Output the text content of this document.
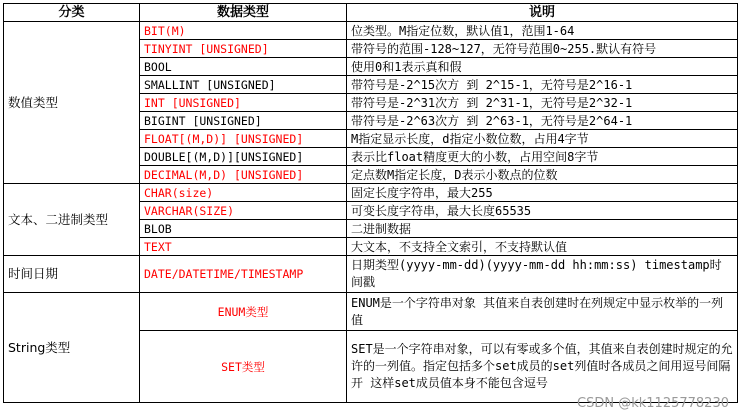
分类	数据类型	说明
数值类型	BIT(M)	位类型。M指定位数，默认值1，范围1-64
	TINYINT [UNSIGNED]	带符号的范围-128~127，无符号范围0~255.默认有符号
	BOOL	使用0和1表示真和假
	SMALLINT [UNSIGNED]	带符号是-2^15次方 到 2^15-1，无符号是2^16-1
	INT [UNSIGNED]	带符号是-2^31次方 到 2^31-1，无符号是2^32-1
	BIGINT [UNSIGNED]	带符号是-2^63次方 到 2^63-1，无符号是2^64-1
	FLOAT[(M,D)] [UNSIGNED]	M指定显示长度，d指定小数位数，占用4字节
	DOUBLE[(M,D)][UNSIGNED]	表示比float精度更大的小数，占用空间8字节
	DECIMAL(M,D) [UNSIGNED]	定点数M指定长度，D表示小数点的位数
文本、二进制类型	CHAR(size)	固定长度字符串，最大255
	VARCHAR(SIZE)	可变长度字符串，最大长度65535
	BLOB	二进制数据
	TEXT	大文本，不支持全文索引，不支持默认值
时间日期	DATE/DATETIME/TIMESTAMP	日期类型(yyyy-mm-dd)(yyyy-mm-dd hh:mm:ss) timestamp时间戳
String类型	ENUM类型	ENUM是一个字符串对象 其值来自表创建时在列规定中显示枚举的一列值
	SET类型	SET是一个字符串对象，可以有零或多个值，其值来自表创建时规定的允许的一列值。指定包括多个set成员的set列值时各成员之间用逗号间隔开 这样set成员值本身不能包含逗号
CSDN @kk1125778230
